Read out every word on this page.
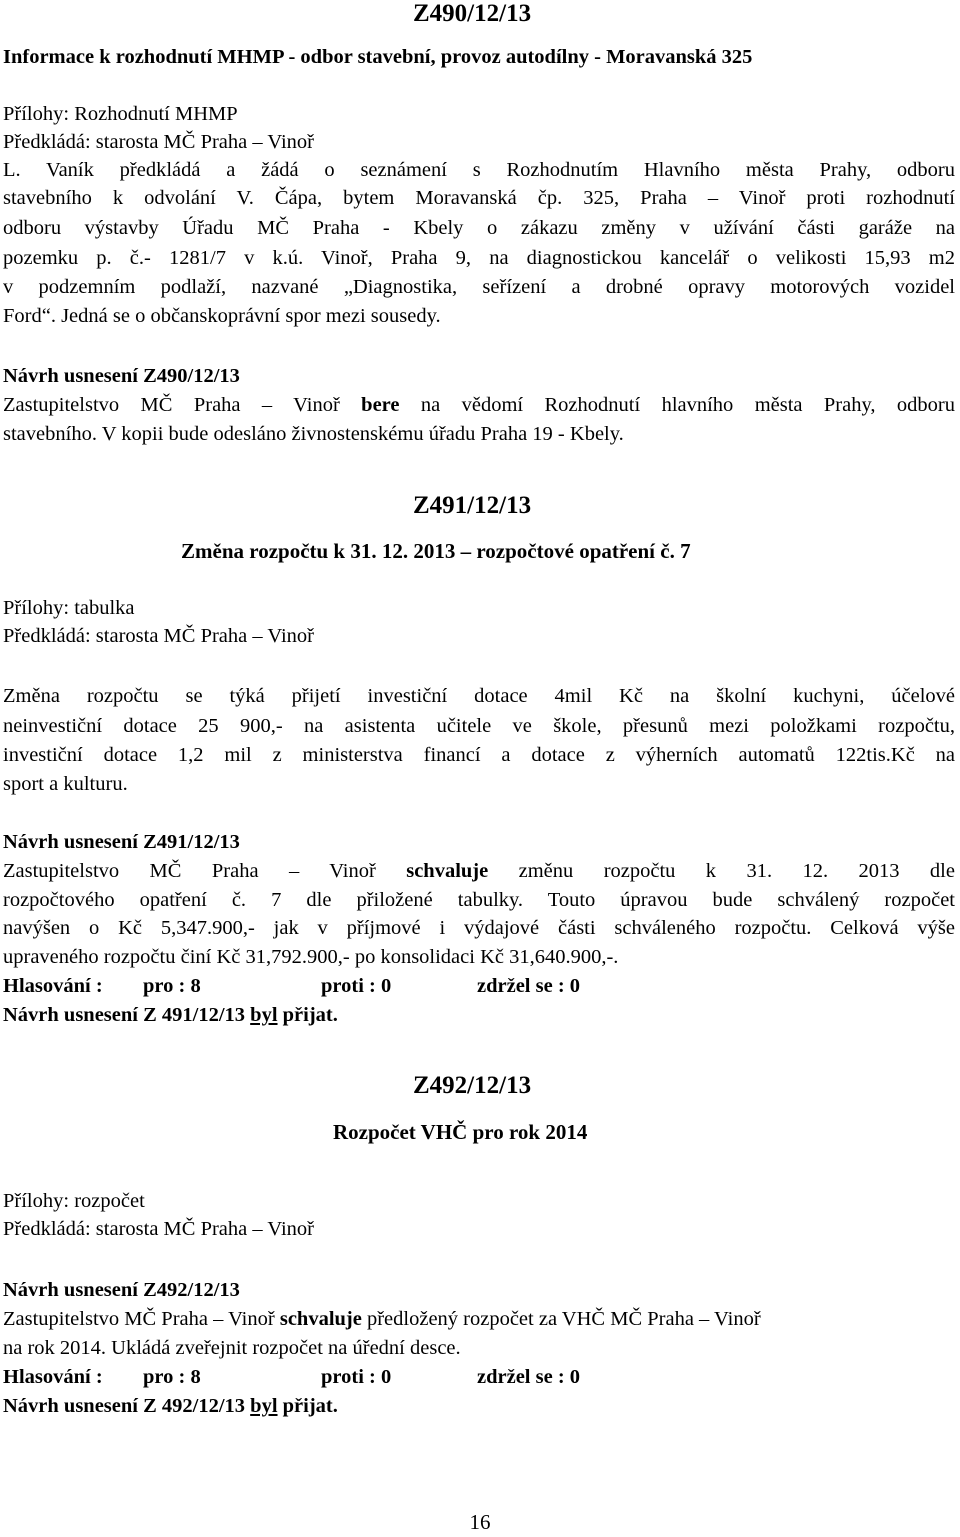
Z490/12/13
Informace k rozhodnutí MHMP - odbor stavební, provoz autodílny - Moravanská 325
Přílohy: Rozhodnutí MHMP
Předkládá: starosta MČ Praha – Vinoř
L. Vaník předkládá a žádá o seznámení s Rozhodnutím Hlavního města Prahy, odboru
stavebního k odvolání V. Čápa, bytem Moravanská čp. 325, Praha – Vinoř proti rozhodnutí
odboru výstavby Úřadu MČ Praha - Kbely o zákazu změny v užívání části garáže na
pozemku p. č.- 1281/7 v k.ú. Vinoř, Praha 9, na diagnostickou kancelář o velikosti 15,93 m2
v podzemním podlaží, nazvané „Diagnostika, seřízení a drobné opravy motorových vozidel
Ford“. Jedná se o občanskoprávní spor mezi sousedy.
Návrh usnesení Z490/12/13
Zastupitelstvo MČ Praha – Vinoř bere na vědomí Rozhodnutí hlavního města Prahy, odboru
stavebního. V kopii bude odesláno živnostenskému úřadu Praha 19 - Kbely.
Z491/12/13
Změna rozpočtu k 31. 12. 2013 – rozpočtové opatření č. 7
Přílohy: tabulka
Předkládá: starosta MČ Praha – Vinoř
Změna rozpočtu se týká přijetí investiční dotace 4mil Kč na školní kuchyni, účelové
neinvestiční dotace 25 900,- na asistenta učitele ve škole, přesunů mezi položkami rozpočtu,
investiční dotace 1,2 mil z ministerstva financí a dotace z výherních automatů 122tis.Kč na
sport a kulturu.
Návrh usnesení Z491/12/13
Zastupitelstvo MČ Praha – Vinoř schvaluje změnu rozpočtu k 31. 12. 2013 dle
rozpočtového opatření č. 7 dle přiložené tabulky. Touto úpravou bude schválený rozpočet
navýšen o Kč 5,347.900,- jak v příjmové i výdajové části schváleného rozpočtu. Celková výše
upraveného rozpočtu činí Kč 31,792.900,- po konsolidaci Kč 31,640.900,-.
Hlasování : pro : 8	proti : 0	zdržel se : 0
Návrh usnesení Z 491/12/13 byl přijat.
Z492/12/13
Rozpočet VHČ pro rok 2014
Přílohy: rozpočet
Předkládá: starosta MČ Praha – Vinoř
Návrh usnesení Z492/12/13
Zastupitelstvo MČ Praha – Vinoř schvaluje předložený rozpočet za VHČ MČ Praha – Vinoř
na rok 2014. Ukládá zveřejnit rozpočet na úřední desce.
Hlasování : pro : 8	proti : 0	zdržel se : 0
Návrh usnesení Z 492/12/13 byl přijat.
16
